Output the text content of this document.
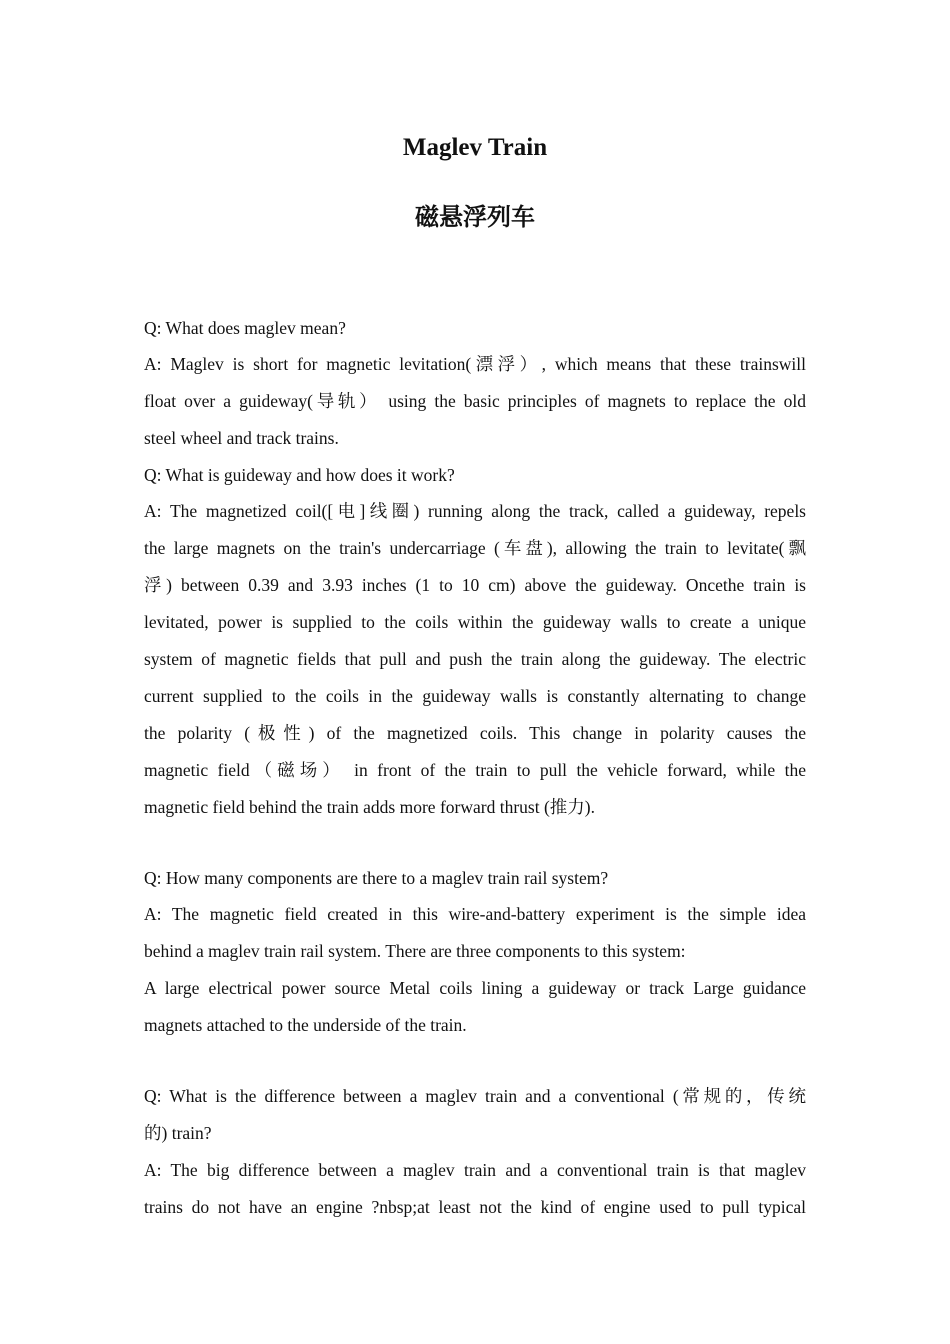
Maglev Train
磁悬浮列车
Q: What does maglev mean?
A: Maglev is short for magnetic levitation(漂浮）, which means that these trainswill
float over a guideway(导轨） using the basic principles of magnets to replace the old
steel wheel and track trains.
Q: What is guideway and how does it work?
A: The magnetized coil([电]线圈) running along the track, called a guideway, repels
the large magnets on the train's undercarriage (车盘), allowing the train to levitate(飘
浮) between 0.39 and 3.93 inches (1 to 10 cm) above the guideway. Oncethe train is
levitated, power is supplied to the coils within the guideway walls to create a unique
system of magnetic fields that pull and push the train along the guideway. The electric
current supplied to the coils in the guideway walls is constantly alternating to change
the polarity (极性) of the magnetized coils. This change in polarity causes the
magnetic field（磁场） in front of the train to pull the vehicle forward, while the
magnetic field behind the train adds more forward thrust (推力).
Q: How many components are there to a maglev train rail system?
A: The magnetic field created in this wire-and-battery experiment is the simple idea
behind a maglev train rail system. There are three components to this system:
A large electrical power source Metal coils lining a guideway or track Large guidance
magnets attached to the underside of the train.
Q: What is the difference between a maglev train and a conventional (常规的，传统
的) train?
A: The big difference between a maglev train and a conventional train is that maglev
trains do not have an engine ?nbsp;at least not the kind of engine used to pull typical
